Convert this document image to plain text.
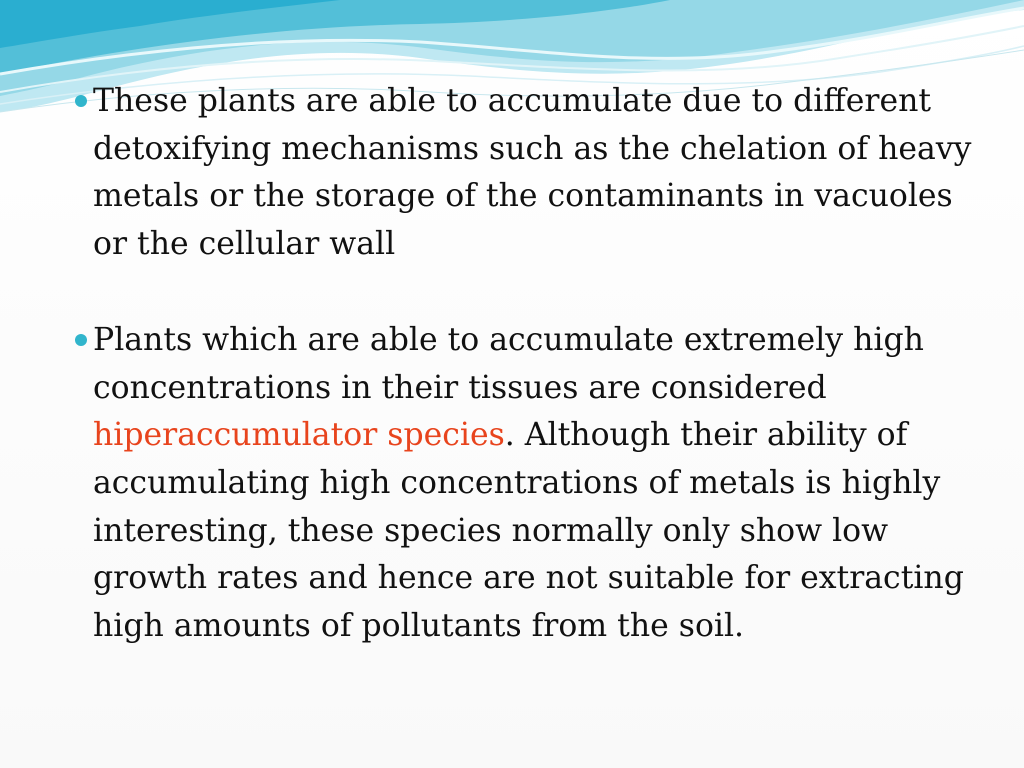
These plants are able to accumulate due to different detoxifying mechanisms such as the chelation of heavy metals or the storage of the contaminants in vacuoles or the cellular wall
Plants which are able to accumulate extremely high concentrations in their tissues are considered hiperaccumulator species. Although their ability of accumulating high concentrations of metals is highly interesting, these species normally only show low growth rates and hence are not suitable for extracting high amounts of pollutants from the soil.
